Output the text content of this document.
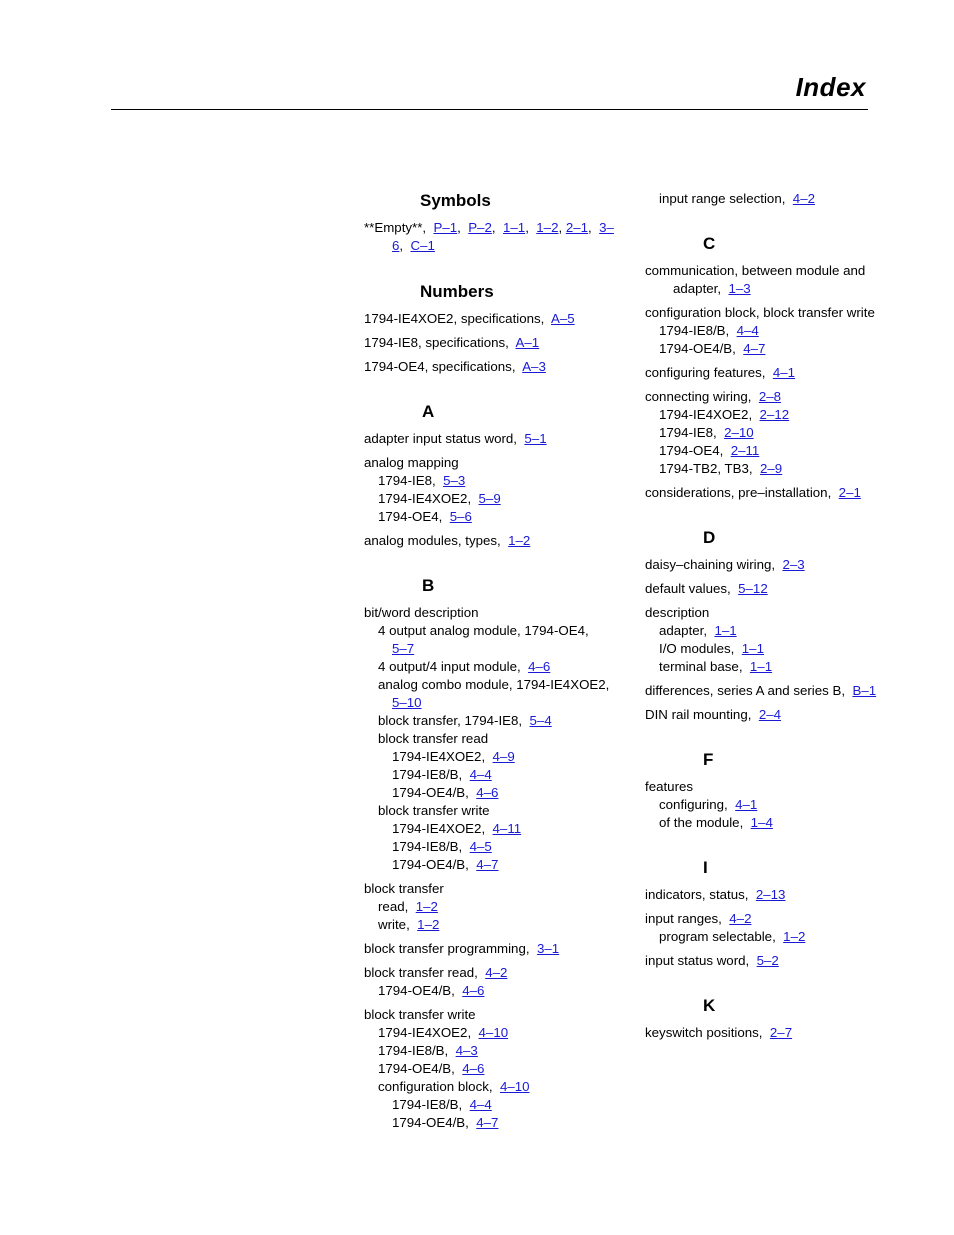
Index
Symbols
**Empty**, P–1,  P–2,  1–1,  1–2, 2–1,  3–6,  C–1
Numbers
1794-IE4XOE2, specifications, A–5
1794-IE8, specifications, A–1
1794-OE4, specifications, A–3
A
adapter input status word, 5–1
analog mapping
1794-IE8, 5–3
1794-IE4XOE2, 5–9
1794-OE4, 5–6
analog modules, types, 1–2
B
bit/word description
4 output analog module, 1794-OE4,
5–7
4 output/4 input module, 4–6
analog combo module, 1794-IE4XOE2,
5–10
block transfer, 1794-IE8, 5–4
block transfer read
1794-IE4XOE2, 4–9
1794-IE8/B, 4–4
1794-OE4/B, 4–6
block transfer write
1794-IE4XOE2, 4–11
1794-IE8/B, 4–5
1794-OE4/B, 4–7
block transfer
read, 1–2
write, 1–2
block transfer programming, 3–1
block transfer read, 4–2
1794-OE4/B, 4–6
block transfer write
1794-IE4XOE2, 4–10
1794-IE8/B, 4–3
1794-OE4/B, 4–6
configuration block, 4–10
1794-IE8/B, 4–4
1794-OE4/B, 4–7
input range selection, 4–2
C
communication, between module and
adapter, 1–3
configuration block, block transfer write
1794-IE8/B, 4–4
1794-OE4/B, 4–7
configuring features, 4–1
connecting wiring, 2–8
1794-IE4XOE2, 2–12
1794-IE8, 2–10
1794-OE4, 2–11
1794-TB2, TB3, 2–9
considerations, pre–installation, 2–1
D
daisy–chaining wiring, 2–3
default values, 5–12
description
adapter, 1–1
I/O modules, 1–1
terminal base, 1–1
differences, series A and series B, B–1
DIN rail mounting, 2–4
F
features
configuring, 4–1
of the module, 1–4
I
indicators, status, 2–13
input ranges, 4–2
program selectable, 1–2
input status word, 5–2
K
keyswitch positions, 2–7
